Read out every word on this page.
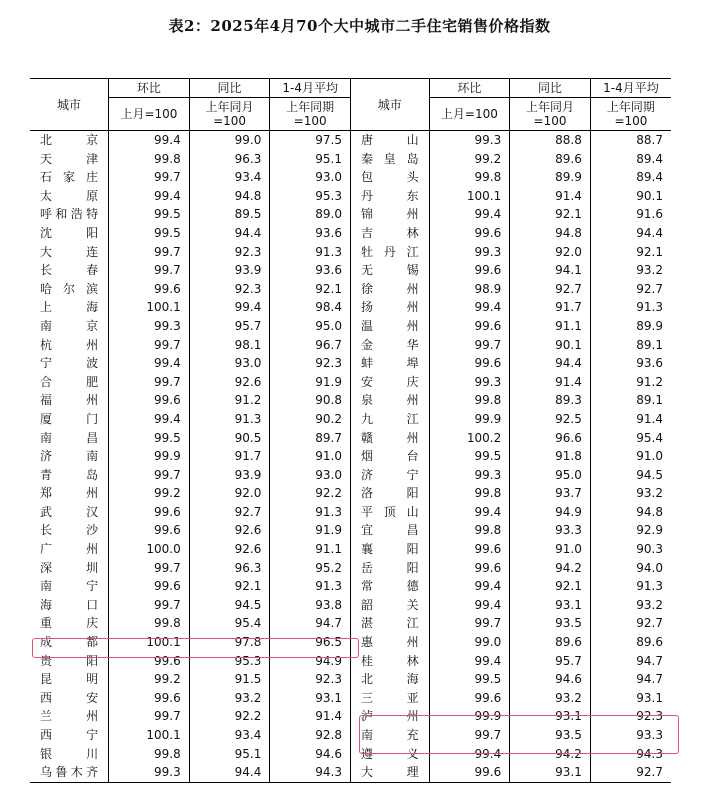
表2：2025年4月70个大中城市二手住宅销售价格指数
城市	环比	同比	1-4月平均	城市	环比	同比	1-4月平均
	上月=100	上年同月=100	上年同期=100		上月=100	上年同月=100	上年同期=100
北京	99.4	99.0	97.5	唐山	99.3	88.8	88.7
天津	99.8	96.3	95.1	秦皇岛	99.2	89.6	89.4
石家庄	99.7	93.4	93.0	包头	99.8	89.9	89.4
太原	99.4	94.8	95.3	丹东	100.1	91.4	90.1
呼和浩特	99.5	89.5	89.0	锦州	99.4	92.1	91.6
沈阳	99.5	94.4	93.6	吉林	99.6	94.8	94.4
大连	99.7	92.3	91.3	牡丹江	99.3	92.0	92.1
长春	99.7	93.9	93.6	无锡	99.6	94.1	93.2
哈尔滨	99.6	92.3	92.1	徐州	98.9	92.7	92.7
上海	100.1	99.4	98.4	扬州	99.4	91.7	91.3
南京	99.3	95.7	95.0	温州	99.6	91.1	89.9
杭州	99.7	98.1	96.7	金华	99.7	90.1	89.1
宁波	99.4	93.0	92.3	蚌埠	99.6	94.4	93.6
合肥	99.7	92.6	91.9	安庆	99.3	91.4	91.2
福州	99.6	91.2	90.8	泉州	99.8	89.3	89.1
厦门	99.4	91.3	90.2	九江	99.9	92.5	91.4
南昌	99.5	90.5	89.7	赣州	100.2	96.6	95.4
济南	99.9	91.7	91.0	烟台	99.5	91.8	91.0
青岛	99.7	93.9	93.0	济宁	99.3	95.0	94.5
郑州	99.2	92.0	92.2	洛阳	99.8	93.7	93.2
武汉	99.6	92.7	91.3	平顶山	99.4	94.9	94.8
长沙	99.6	92.6	91.9	宜昌	99.8	93.3	92.9
广州	100.0	92.6	91.1	襄阳	99.6	91.0	90.3
深圳	99.7	96.3	95.2	岳阳	99.6	94.2	94.0
南宁	99.6	92.1	91.3	常德	99.4	92.1	91.3
海口	99.7	94.5	93.8	韶关	99.4	93.1	93.2
重庆	99.8	95.4	94.7	湛江	99.7	93.5	92.7
成都	100.1	97.8	96.5	惠州	99.0	89.6	89.6
贵阳	99.6	95.3	94.9	桂林	99.4	95.7	94.7
昆明	99.2	91.5	92.3	北海	99.5	94.6	94.7
西安	99.6	93.2	93.1	三亚	99.6	93.2	93.1
兰州	99.7	92.2	91.4	泸州	99.9	93.1	92.3
西宁	100.1	93.4	92.8	南充	99.7	93.5	93.3
银川	99.8	95.1	94.6	遵义	99.4	94.2	94.3
乌鲁木齐	99.3	94.4	94.3	大理	99.6	93.1	92.7
